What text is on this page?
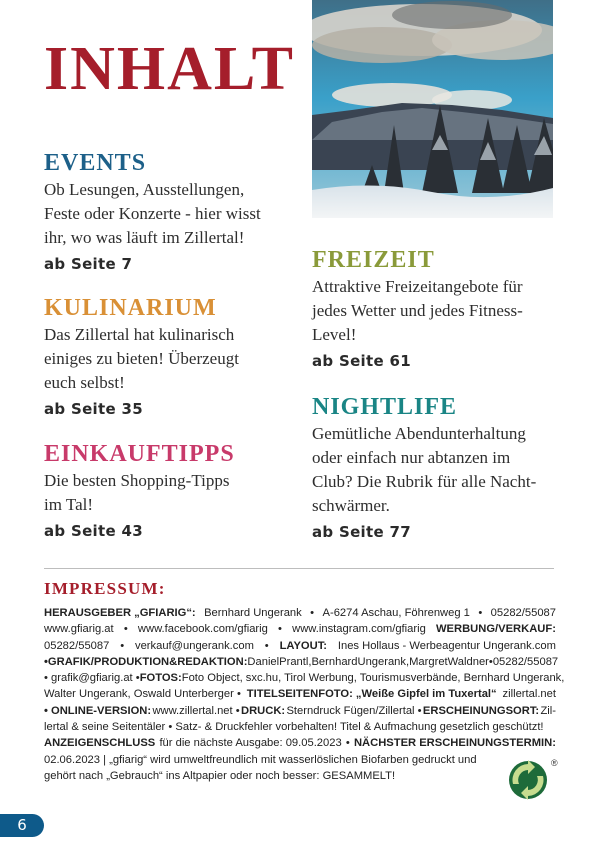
INHALT
EVENTS
Ob Lesungen, Ausstellungen,
Feste oder Konzerte - hier wisst
ihr, wo was läuft im Zillertal!
ab Seite 7
KULINARIUM
Das Zillertal hat kulinarisch
einiges zu bieten! Überzeugt
euch selbst!
ab Seite 35
EINKAUFTIPPS
Die besten Shopping-Tipps
im Tal!
ab Seite 43
FREIZEIT
Attraktive Freizeitangebote für
jedes Wetter und jedes Fitness-
Level!
ab Seite 61
NIGHTLIFE
Gemütliche Abendunterhaltung
oder einfach nur abtanzen im
Club? Die Rubrik für alle Nacht-
schwärmer.
ab Seite 77
IMPRESSUM:
HERAUSGEBER „GFIARIG“: Bernhard Ungerank • A-6274 Aschau, Föhrenweg 1 • 05282/55087
www.gfiarig.at • www.facebook.com/gfiarig • www.instagram.com/gfiarig WERBUNG/VERKAUF:
05282/55087 • verkauf@ungerank.com • LAYOUT: Ines Hollaus - Werbeagentur Ungerank.com
•GRAFIK/PRODUKTION&REDAKTION: DanielPrantl,BernhardUngerank,MargretWaldner•05282/55087
• grafik@gfiarig.at • FOTOS: Foto Object, sxc.hu, Tirol Werbung, Tourismusverbände, Bernhard Ungerank,
Walter Ungerank, Oswald Unterberger • TITELSEITENFOTO: „Weiße Gipfel im Tuxertal“ zillertal.net
• ONLINE-VERSION: www.zillertal.net • DRUCK: Sterndruck Fügen/Zillertal • ERSCHEINUNGSORT: Zil-
lertal & seine Seitentäler • Satz- & Druckfehler vorbehalten! Titel & Aufmachung gesetzlich geschützt!
ANZEIGENSCHLUSS für die nächste Ausgabe: 09.05.2023 • NÄCHSTER ERSCHEINUNGSTERMIN:
02.06.2023 | „gfiarig“ wird umweltfreundlich mit wasserlöslichen Biofarben gedruckt und
gehört nach „Gebrauch“ ins Altpapier oder noch besser: GESAMMELT!
®
6
